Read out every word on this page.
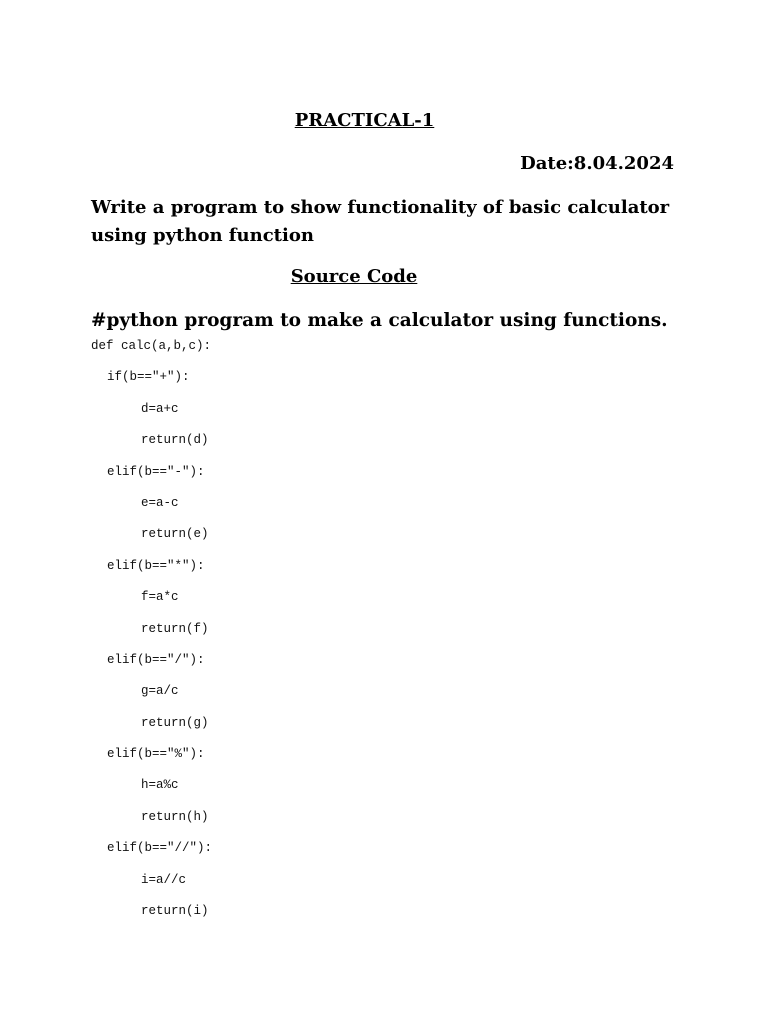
PRACTICAL-1
Date:8.04.2024
Write a program to show functionality of basic calculator using python function
Source Code
#python program to make a calculator using functions.
def calc(a,b,c):
if(b=="+"):
d=a+c
return(d)
elif(b=="-"):
e=a-c
return(e)
elif(b=="*"):
f=a*c
return(f)
elif(b=="/"):
g=a/c
return(g)
elif(b=="%"):
h=a%c
return(h)
elif(b=="//"):
i=a//c
return(i)
